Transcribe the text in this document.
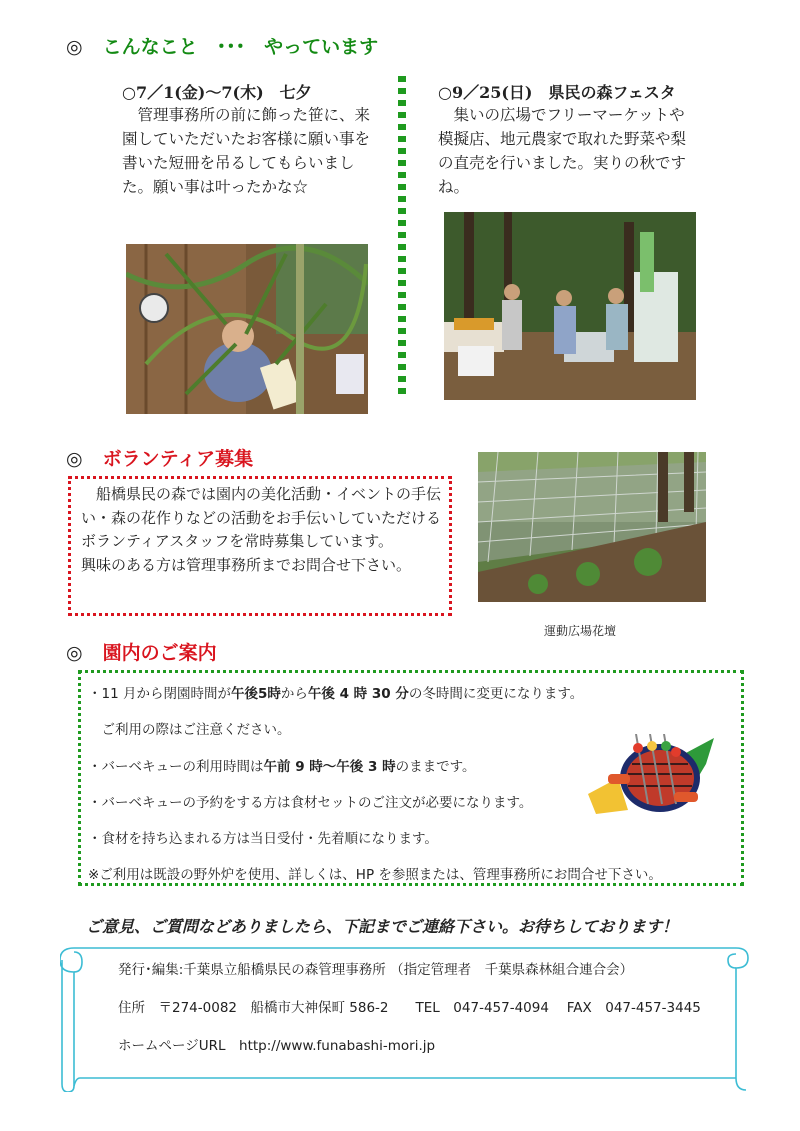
◎ こんなこと　･･･　やっています
○7／1(金)～7(木)　七夕
　管理事務所の前に飾った笹に、来園していただいたお客様に願い事を書いた短冊を吊るしてもらいました。願い事は叶ったかな☆
○9／25(日)　県民の森フェスタ
　集いの広場でフリーマーケットや模擬店、地元農家で取れた野菜や梨の直売を行いました。実りの秋ですね。
◎ ボランティア募集

　船橋県民の森では園内の美化活動・イベントの手伝い・森の花作りなどの活動をお手伝いしていただけるボランティアスタッフを常時募集しています。

興味のある方は管理事務所までお問合せ下さい。

運動広場花壇
◎ 園内のご案内
・11 月から閉園時間が午後5時から午後 4 時 30 分の冬時間に変更になります。
　ご利用の際はご注意ください。
・バーベキューの利用時間は午前 9 時～午後 3 時のままです。
・バーベキューの予約をする方は食材セットのご注文が必要になります。
・食材を持ち込まれる方は当日受付・先着順になります。
※ご利用は既設の野外炉を使用、詳しくは、HP を参照または、管理事務所にお問合せ下さい。
ご意見、ご質問などありましたら、下記までご連絡下さい。お待ちしております！
発行･編集:千葉県立船橋県民の森管理事務所 （指定管理者　千葉県森林組合連合会）
住所　〒274-0082　船橋市大神保町 586-2　　TEL　047-457-4094　 FAX　047-457-3445
ホームページURL　http://www.funabashi-mori.jp
